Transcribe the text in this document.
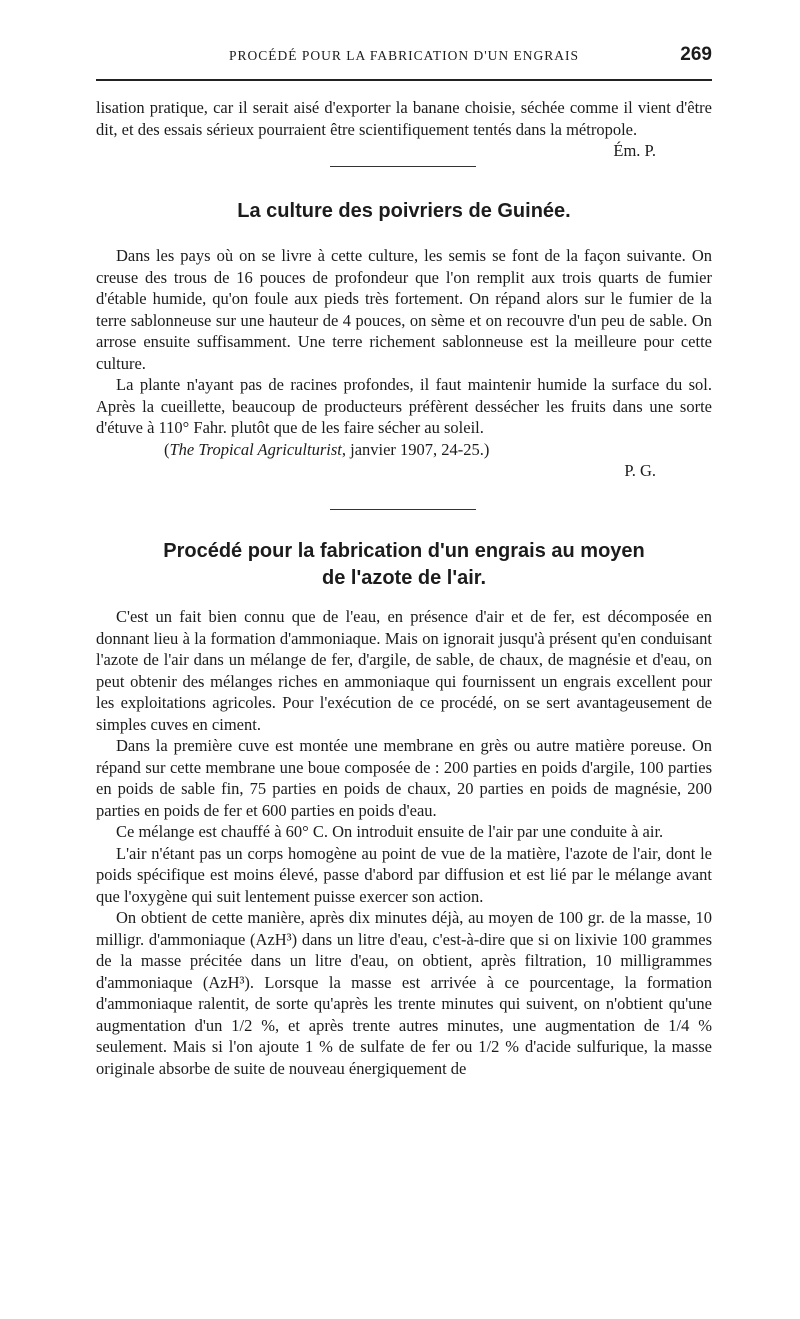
PROCÉDÉ POUR LA FABRICATION D'UN ENGRAIS	269

lisation pratique, car il serait aisé d'exporter la banane choisie, séchée comme il vient d'être dit, et des essais sérieux pourraient être scientifiquement tentés dans la métropole.

Ém. P.
La culture des poivriers de Guinée.

Dans les pays où on se livre à cette culture, les semis se font de la façon suivante. On creuse des trous de 16 pouces de profondeur que l'on remplit aux trois quarts de fumier d'étable humide, qu'on foule aux pieds très fortement. On répand alors sur le fumier de la terre sablonneuse sur une hauteur de 4 pouces, on sème et on recouvre d'un peu de sable. On arrose ensuite suffisamment. Une terre richement sablonneuse est la meilleure pour cette culture.

La plante n'ayant pas de racines profondes, il faut maintenir humide la surface du sol. Après la cueillette, beaucoup de producteurs préfèrent dessécher les fruits dans une sorte d'étuve à 110° Fahr. plutôt que de les faire sécher au soleil.

(The Tropical Agriculturist, janvier 1907, 24-25.)

P. G.
Procédé pour la fabrication d'un engrais au moyen
de l'azote de l'air.

C'est un fait bien connu que de l'eau, en présence d'air et de fer, est décomposée en donnant lieu à la formation d'ammoniaque. Mais on ignorait jusqu'à présent qu'en conduisant l'azote de l'air dans un mélange de fer, d'argile, de sable, de chaux, de magnésie et d'eau, on peut obtenir des mélanges riches en ammoniaque qui fournissent un engrais excellent pour les exploitations agricoles. Pour l'exécution de ce procédé, on se sert avantageusement de simples cuves en ciment.

Dans la première cuve est montée une membrane en grès ou autre matière poreuse. On répand sur cette membrane une boue composée de : 200 parties en poids d'argile, 100 parties en poids de sable fin, 75 parties en poids de chaux, 20 parties en poids de magnésie, 200 parties en poids de fer et 600 parties en poids d'eau.

Ce mélange est chauffé à 60° C. On introduit ensuite de l'air par une conduite à air.

L'air n'étant pas un corps homogène au point de vue de la matière, l'azote de l'air, dont le poids spécifique est moins élevé, passe d'abord par diffusion et est lié par le mélange avant que l'oxygène qui suit lentement puisse exercer son action.

On obtient de cette manière, après dix minutes déjà, au moyen de 100 gr. de la masse, 10 milligr. d'ammoniaque (AzH³) dans un litre d'eau, c'est-à-dire que si on lixivie 100 grammes de la masse précitée dans un litre d'eau, on obtient, après filtration, 10 milligrammes d'ammoniaque (AzH³). Lorsque la masse est arrivée à ce pourcentage, la formation d'ammoniaque ralentit, de sorte qu'après les trente minutes qui suivent, on n'obtient qu'une augmentation d'un 1/2 %, et après trente autres minutes, une augmentation de 1/4 % seulement. Mais si l'on ajoute 1 % de sulfate de fer ou 1/2 % d'acide sulfurique, la masse originale absorbe de suite de nouveau énergiquement de
